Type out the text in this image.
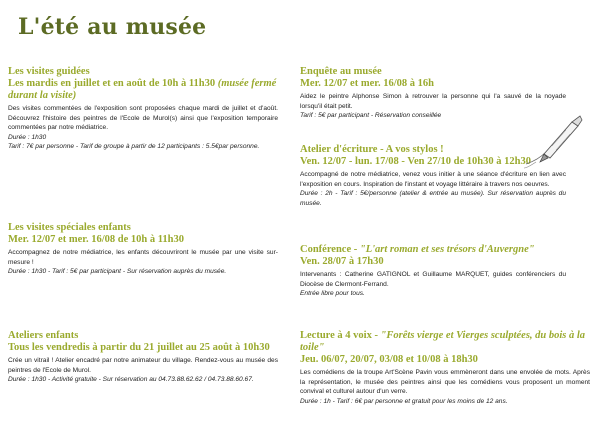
L'été au musée
Les visites guidées
Les mardis en juillet et en août de 10h à 11h30 (musée fermé durant la visite)

Des visites commentées de l'exposition sont proposées chaque mardi de juillet et d'août. Découvrez l'histoire des peintres de l'Ecole de Murol(s) ainsi que l'exposition temporaire commentées par notre médiatrice.

Durée : 1h30

Tarif : 7€ par personne - Tarif de groupe à partir de 12 participants : 5.5€par personne.

Les visites spéciales enfants
Mer. 12/07 et mer. 16/08 de 10h à 11h30

Accompagnez de notre médiatrice, les enfants découvriront le musée par une visite sur-mesure !

Durée : 1h30 - Tarif : 5€ par participant - Sur réservation auprès du musée.

Ateliers enfants
Tous les vendredis à partir du 21 juillet au 25 août à 10h30

Crée un vitrail ! Atelier encadré par notre animateur du village. Rendez-vous au musée des peintres de l'Ecole de Murol.

Durée : 1h30 - Activité gratuite - Sur réservation au 04.73.88.62.62 / 04.73.88.60.67.

Enquête au musée
Mer. 12/07 et mer. 16/08 à 16h

Aidez le peintre Alphonse Simon à retrouver la personne qui l'a sauvé de la noyade lorsqu'il était petit.

Tarif : 5€ par participant - Réservation conseillée

Atelier d'écriture - A vos stylos !
Ven. 12/07 - lun. 17/08 - Ven 27/10 de 10h30 à 12h30

Accompagné de notre médiatrice, venez vous initier à une séance d'écriture en lien avec l'exposition en cours. Inspiration de l'instant et voyage littéraire à travers nos oeuvres.

Durée : 2h - Tarif : 5€/personne (atelier & entrée au musée). Sur réservation auprès du musée.

Conférence - "L'art roman et ses trésors d'Auvergne"
Ven. 28/07 à 17h30

Intervenants : Catherine GATIGNOL et Guillaume MARQUET, guides conférenciers du Diocèse de Clermont-Ferrand.

Entrée libre pour tous.

Lecture à 4 voix - "Forêts vierge et Vierges sculptées, du bois à la toile"
Jeu. 06/07, 20/07, 03/08 et 10/08 à 18h30

Les comédiens de la troupe Art'Scène Pavin vous emmèneront dans une envolée de mots. Après la représentation, le musée des peintres ainsi que les comédiens vous proposent un moment convival et culturel autour d'un verre.

Durée : 1h - Tarif : 6€ par personne et gratuit pour les moins de 12 ans.
